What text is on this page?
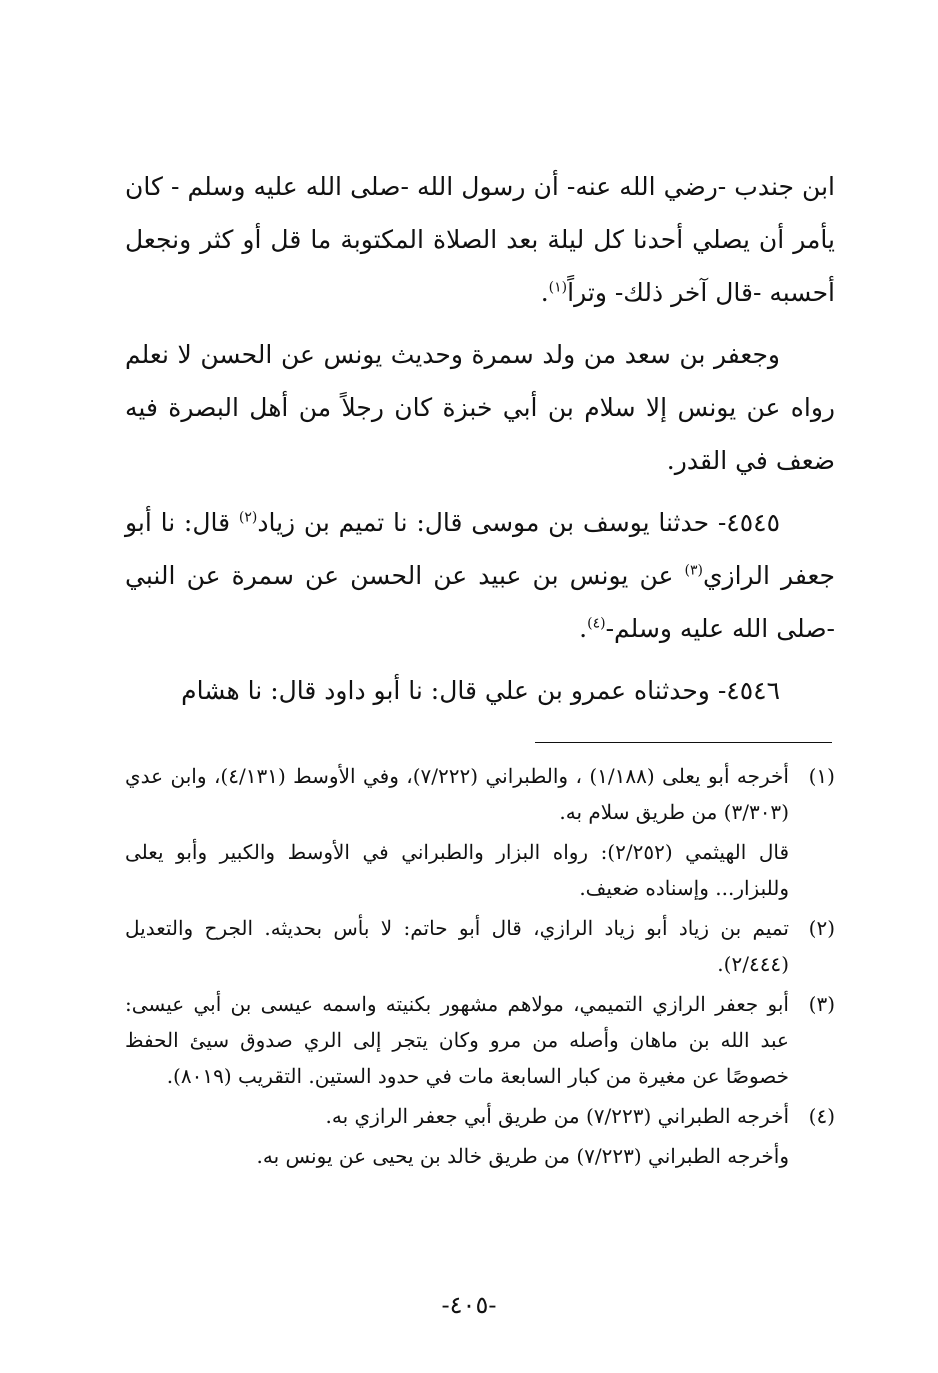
ابن جندب -رضي الله عنه- أن رسول الله -صلى الله عليه وسلم - كان يأمر أن يصلي أحدنا كل ليلة بعد الصلاة المكتوبة ما قل أو كثر ونجعل أحسبه -قال آخر ذلك- وتراً$^{(١)}$.

وجعفر بن سعد من ولد سمرة وحديث يونس عن الحسن لا نعلم رواه عن يونس إلا سلام بن أبي خبزة كان رجلاً من أهل البصرة فيه ضعف في القدر.

٤٥٤٥- حدثنا يوسف بن موسى قال: نا تميم بن زياد$^{(٢)}$ قال: نا أبو جعفر الرازي$^{(٣)}$ عن يونس بن عبيد عن الحسن عن سمرة عن النبي -صلى الله عليه وسلم-$^{(٤)}$.

٤٥٤٦- وحدثناه عمرو بن علي قال: نا أبو داود قال: نا هشام

(١)أخرجه أبو يعلى (١/١٨٨) ، والطبراني (٧/٢٢٢)، وفي الأوسط (٤/١٣١)، وابن عدي (٣/٣٠٣) من طريق سلام به.

قال الهيثمي (٢/٢٥٢): رواه البزار والطبراني في الأوسط والكبير وأبو يعلى وللبزار... وإسناده ضعيف.

(٢)تميم بن زياد أبو زياد الرازي، قال أبو حاتم: لا بأس بحديثه. الجرح والتعديل (٢/٤٤٤).

(٣)أبو جعفر الرازي التميمي، مولاهم مشهور بكنيته واسمه عيسى بن أبي عيسى: عبد الله بن ماهان وأصله من مرو وكان يتجر إلى الري صدوق سيئ الحفظ خصوصًا عن مغيرة من كبار السابعة مات في حدود الستين. التقريب (٨٠١٩).

(٤)أخرجه الطبراني (٧/٢٢٣) من طريق أبي جعفر الرازي به.

وأخرجه الطبراني (٧/٢٢٣) من طريق خالد بن يحيى عن يونس به.

-٤٠٥-
